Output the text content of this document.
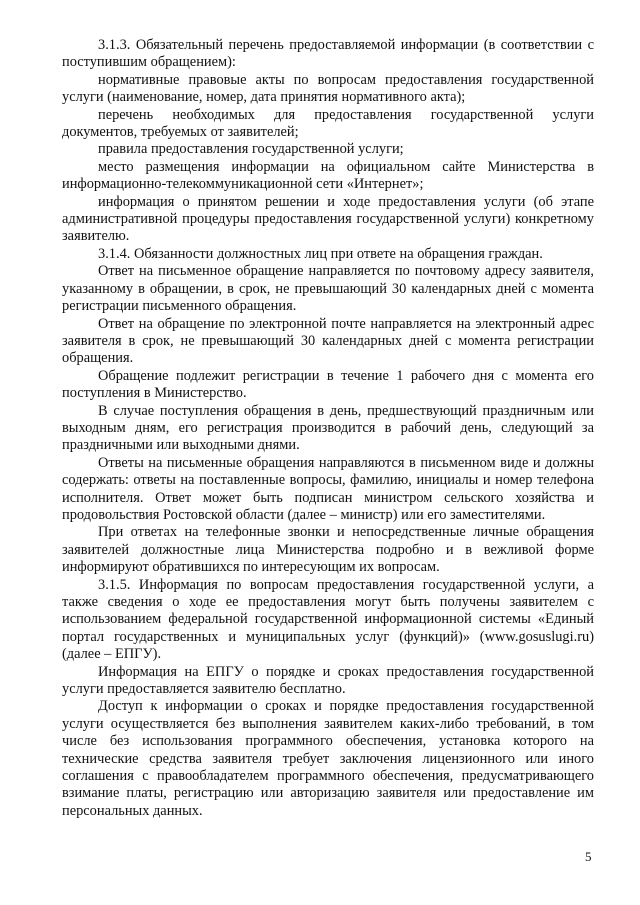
3.1.3. Обязательный перечень предоставляемой информации (в соответствии с поступившим обращением):

нормативные правовые акты по вопросам предоставления государственной услуги (наименование, номер, дата принятия нормативного акта);

перечень необходимых для предоставления государственной услуги документов, требуемых от заявителей;

правила предоставления государственной услуги;

место размещения информации на официальном сайте Министерства в информационно-телекоммуникационной сети «Интернет»;

информация о принятом решении и ходе предоставления услуги (об этапе административной процедуры предоставления государственной услуги) конкретному заявителю.

3.1.4. Обязанности должностных лиц при ответе на обращения граждан.

Ответ на письменное обращение направляется по почтовому адресу заявителя, указанному в обращении, в срок, не превышающий 30 календарных дней с момента регистрации письменного обращения.

Ответ на обращение по электронной почте направляется на электронный адрес заявителя в срок, не превышающий 30 календарных дней с момента регистрации обращения.

Обращение подлежит регистрации в течение 1 рабочего дня с момента его поступления в Министерство.

В случае поступления обращения в день, предшествующий праздничным или выходным дням, его регистрация производится в рабочий день, следующий за праздничными или выходными днями.

Ответы на письменные обращения направляются в письменном виде и должны содержать: ответы на поставленные вопросы, фамилию, инициалы и номер телефона исполнителя. Ответ может быть подписан министром сельского хозяйства и продовольствия Ростовской области (далее – министр) или его заместителями.

При ответах на телефонные звонки и непосредственные личные обращения заявителей должностные лица Министерства подробно и в вежливой форме информируют обратившихся по интересующим их вопросам.

3.1.5. Информация по вопросам предоставления государственной услуги, а также сведения о ходе ее предоставления могут быть получены заявителем с использованием федеральной государственной информационной системы «Единый портал государственных и муниципальных услуг (функций)» (www.gosuslugi.ru) (далее – ЕПГУ).

Информация на ЕПГУ о порядке и сроках предоставления государственной услуги предоставляется заявителю бесплатно.

Доступ к информации о сроках и порядке предоставления государственной услуги осуществляется без выполнения заявителем каких-либо требований, в том числе без использования программного обеспечения, установка которого на технические средства заявителя требует заключения лицензионного или иного соглашения с правообладателем программного обеспечения, предусматривающего взимание платы, регистрацию или авторизацию заявителя или предоставление им персональных данных.

5
